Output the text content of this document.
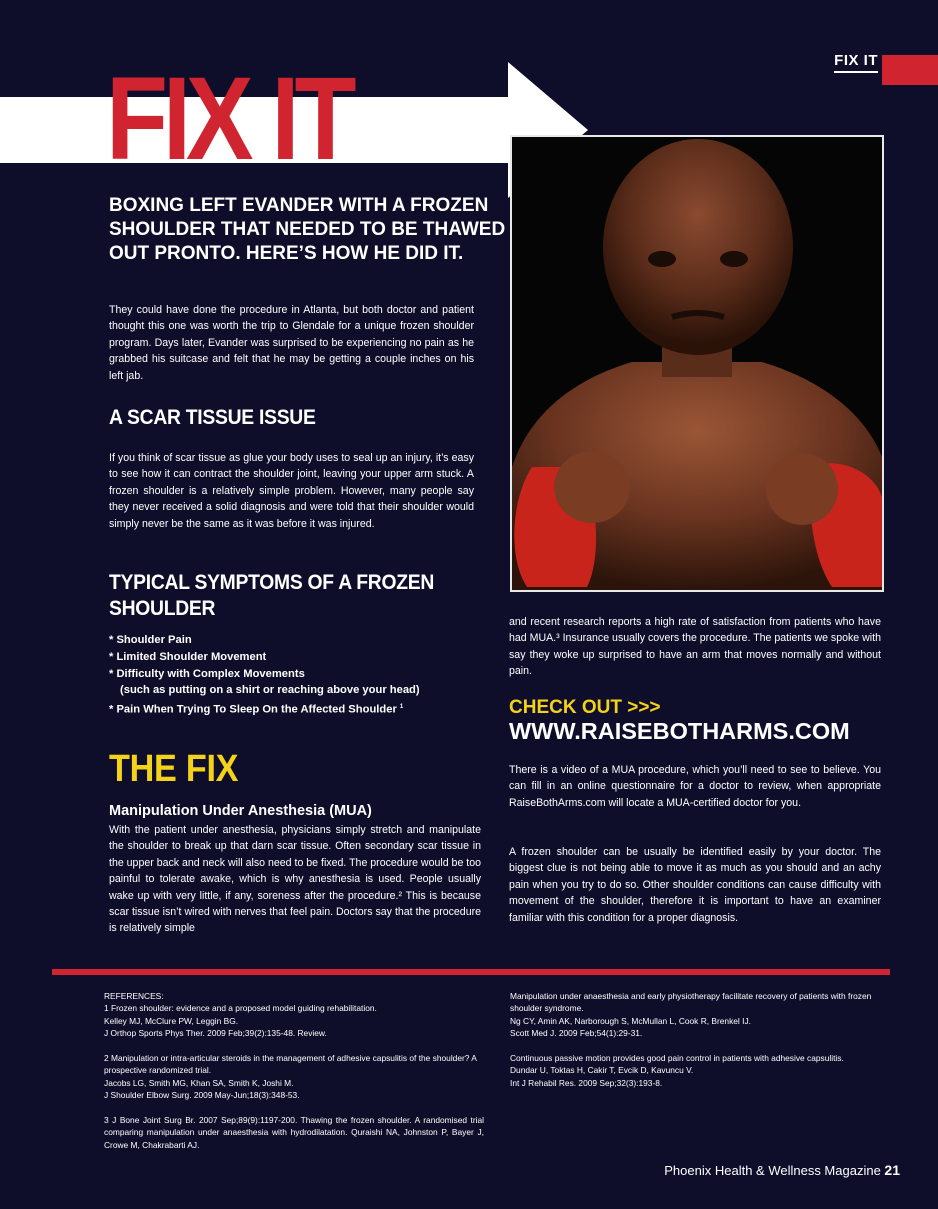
FIX IT
FIX IT
BOXING LEFT EVANDER WITH A FROZEN SHOULDER THAT NEEDED TO BE THAWED OUT PRONTO. HERE’S HOW HE DID IT.

They could have done the procedure in Atlanta, but both doctor and patient thought this one was worth the trip to Glendale for a unique frozen shoulder program. Days later, Evander was surprised to be experiencing no pain as he grabbed his suitcase and felt that he may be getting a couple inches on his left jab.

A SCAR TISSUE ISSUE

If you think of scar tissue as glue your body uses to seal up an injury, it’s easy to see how it can contract the shoulder joint, leaving your upper arm stuck. A frozen shoulder is a relatively simple problem. However, many people say they never received a solid diagnosis and were told that their shoulder would simply never be the same as it was before it was injured.

TYPICAL SYMPTOMS OF A FROZEN SHOULDER
* Shoulder Pain
* Limited Shoulder Movement
* Difficulty with Complex Movements
(such as putting on a shirt or reaching above your head)
* Pain When Trying To Sleep On the Affected Shoulder $^1$
THE FIX
Manipulation Under Anesthesia (MUA)

With the patient under anesthesia, physicians simply stretch and manipulate the shoulder to break up that darn scar tissue. Often secondary scar tissue in the upper back and neck will also need to be fixed. The procedure would be too painful to tolerate awake, which is why anesthesia is used. People usually wake up with very little, if any, soreness after the procedure.² This is because scar tissue isn’t wired with nerves that feel pain. Doctors say that the procedure is relatively simple

and recent research reports a high rate of satisfaction from patients who have had MUA.³ Insurance usually covers the procedure. The patients we spoke with say they woke up surprised to have an arm that moves normally and without pain.

CHECK OUT >>>
WWW.RAISEBOTHARMS.COM

There is a video of a MUA procedure, which you’ll need to see to believe. You can fill in an online questionnaire for a doctor to review, when appropriate RaiseBothArms.com will locate a MUA-certified doctor for you.

A frozen shoulder can be usually be identified easily by your doctor. The biggest clue is not being able to move it as much as you should and an achy pain when you try to do so. Other shoulder conditions can cause difficulty with movement of the shoulder, therefore it is important to have an examiner familiar with this condition for a proper diagnosis.

REFERENCES:
1 Frozen shoulder: evidence and a proposed model guiding rehabilitation.
Kelley MJ, McClure PW, Leggin BG.
J Orthop Sports Phys Ther. 2009 Feb;39(2):135-48. Review.
2 Manipulation or intra-articular steroids in the management of adhesive capsulitis of the shoulder? A prospective randomized trial.
Jacobs LG, Smith MG, Khan SA, Smith K, Joshi M.
J Shoulder Elbow Surg. 2009 May-Jun;18(3):348-53.
3 J Bone Joint Surg Br. 2007 Sep;89(9):1197-200. Thawing the frozen shoulder. A randomised trial comparing manipulation under anaesthesia with hydrodilatation. Quraishi NA, Johnston P, Bayer J, Crowe M, Chakrabarti AJ.
Manipulation under anaesthesia and early physiotherapy facilitate recovery of patients with frozen shoulder syndrome.
Ng CY, Amin AK, Narborough S, McMullan L, Cook R, Brenkel IJ.
Scott Med J. 2009 Feb;54(1):29-31.
Continuous passive motion provides good pain control in patients with adhesive capsulitis.
Dundar U, Toktas H, Cakir T, Evcik D, Kavuncu V.
Int J Rehabil Res. 2009 Sep;32(3):193-8.
Phoenix Health & Wellness Magazine 21
